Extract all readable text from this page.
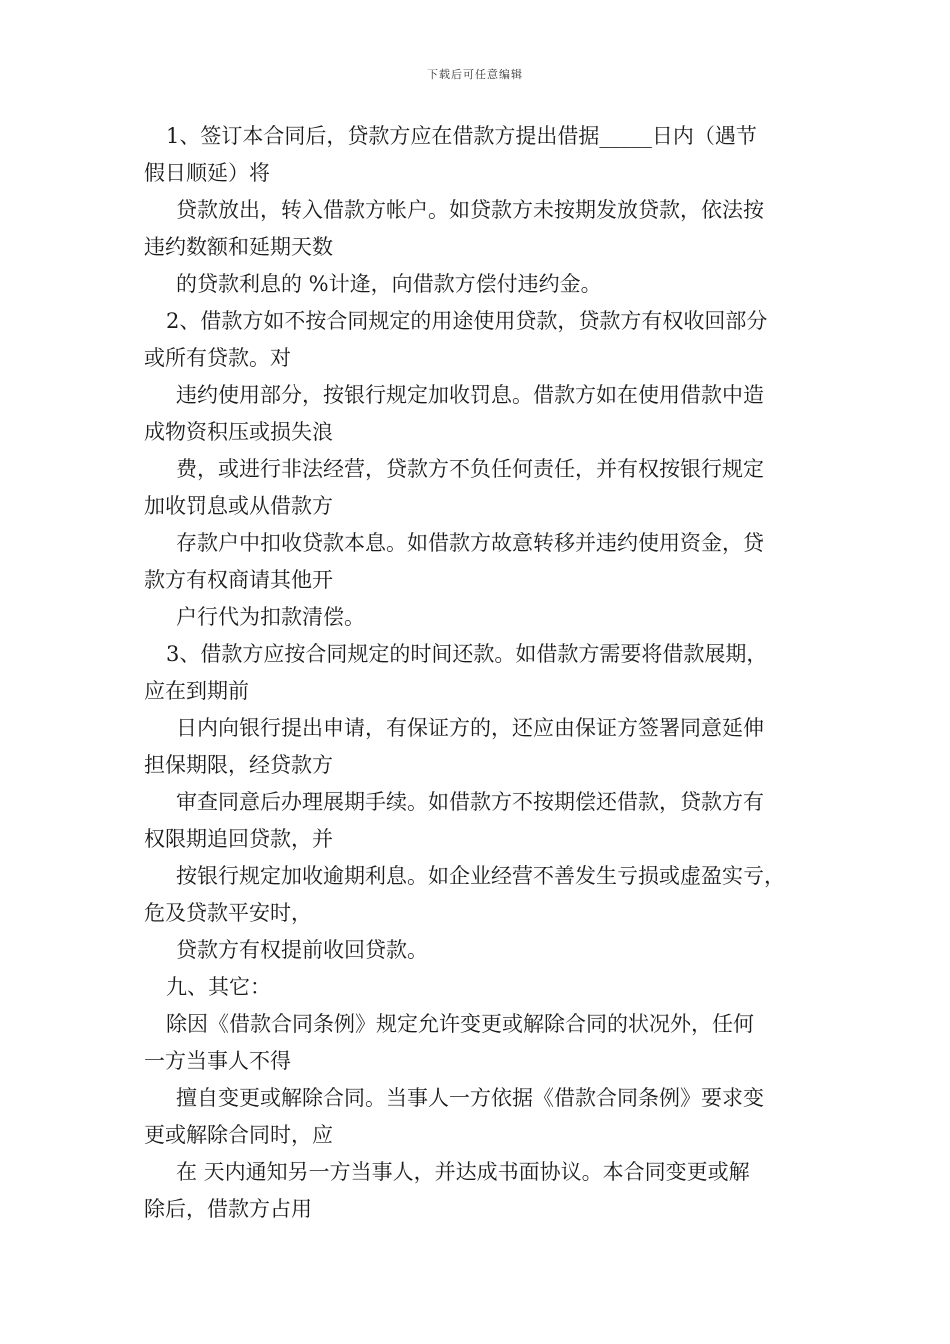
下载后可任意编辑

1、签订本合同后，贷款方应在借款方提出借据_____日内（遇节
假日顺延）将

贷款放出，转入借款方帐户。如贷款方未按期发放贷款，依法按
违约数额和延期天数

的贷款利息的 %计逄，向借款方偿付违约金。

2、借款方如不按合同规定的用途使用贷款，贷款方有权收回部分
或所有贷款。对

违约使用部分，按银行规定加收罚息。借款方如在使用借款中造
成物资积压或损失浪

费，或进行非法经营，贷款方不负任何责任，并有权按银行规定
加收罚息或从借款方

存款户中扣收贷款本息。如借款方故意转移并违约使用资金，贷
款方有权商请其他开

户行代为扣款清偿。

3、借款方应按合同规定的时间还款。如借款方需要将借款展期，
应在到期前

日内向银行提出申请，有保证方的，还应由保证方签署同意延伸
担保期限，经贷款方

审查同意后办理展期手续。如借款方不按期偿还借款，贷款方有
权限期追回贷款，并

按银行规定加收逾期利息。如企业经营不善发生亏损或虚盈实亏，
危及贷款平安时，

贷款方有权提前收回贷款。

九、其它：

除因《借款合同条例》规定允许变更或解除合同的状况外，任何
一方当事人不得

擅自变更或解除合同。当事人一方依据《借款合同条例》要求变
更或解除合同时，应

在 天内通知另一方当事人，并达成书面协议。本合同变更或解
除后，借款方占用
